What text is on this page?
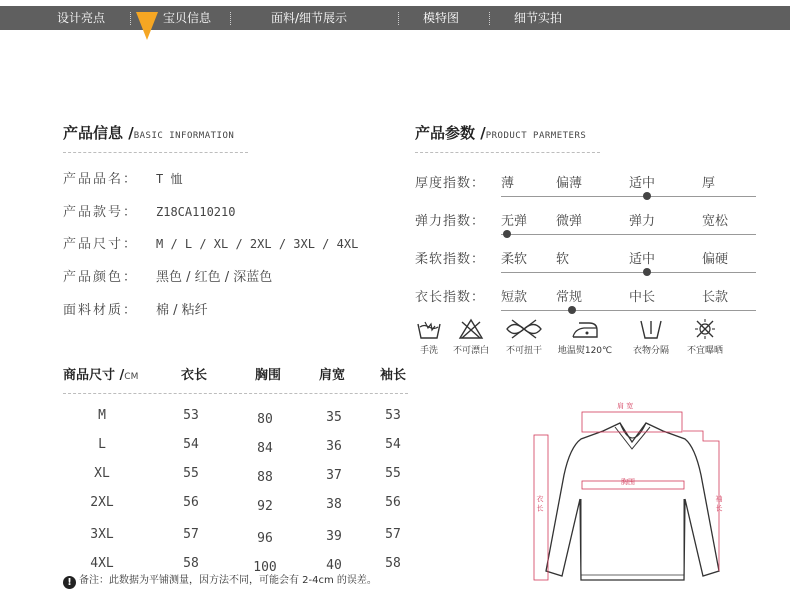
设计亮点	宝贝信息	面料/细节展示	模特图	细节实拍
产品信息 /BASIC INFORMATION
产品品名： T 恤
产品款号： Z18CA110210
产品尺寸： M / L / XL / 2XL / 3XL / 4XL
产品颜色： 黑色 / 红色 / 深蓝色
面料材质： 棉 / 粘纤
产品参数 /PRODUCT PARMETERS
厚度指数： 薄	偏薄	适中	厚
弹力指数： 无弹 微弹	弹力	宽松
柔软指数： 柔软 软	适中	偏硬
衣长指数： 短款 常规	中长	长款
手洗	不可漂白	不可扭干	地温熨120℃	衣物分隔	不宜曝晒
商品尺寸 /CM	衣长	胸围	肩宽	袖长
M	53	80	35	53
L	54	84	36	54
XL	55	88	37	55
2XL	56	92	38	56
3XL	57	96	39	57
4XL	58	100	40	58
! 备注：此数据为平铺测量，因方法不同，可能会有 2-4cm 的误差。
肩 宽
胸围
衣 长	袖 长
